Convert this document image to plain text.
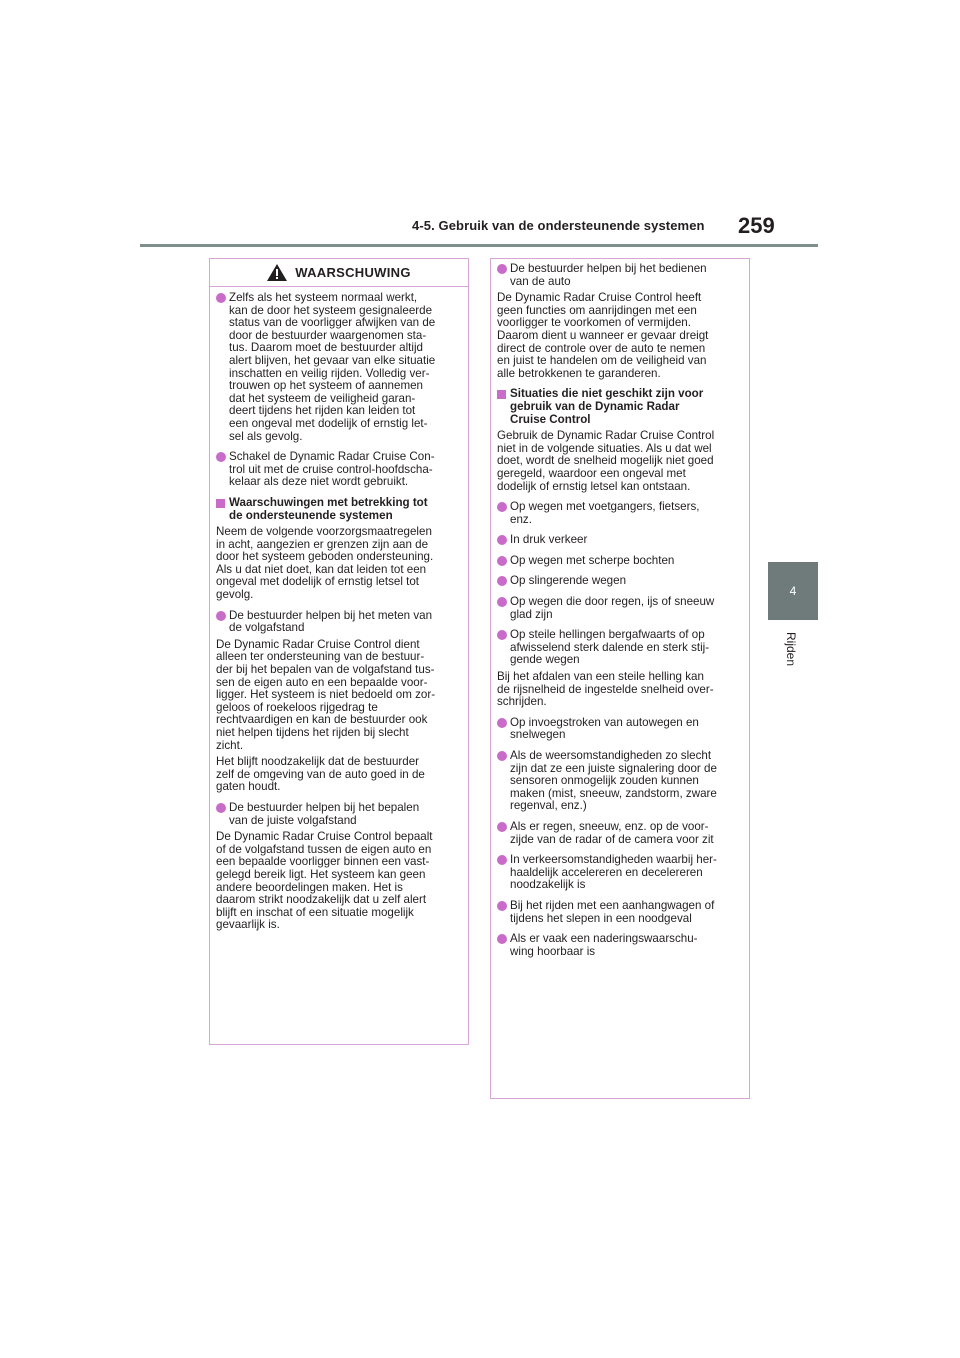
4-5. Gebruik van de ondersteunende systemen 259
4
Rijden
WAARSCHUWING
Zelfs als het systeem normaal werkt,
kan de door het systeem gesignaleerde
status van de voorligger afwijken van de
door de bestuurder waargenomen sta-
tus. Daarom moet de bestuurder altijd
alert blijven, het gevaar van elke situatie
inschatten en veilig rijden. Volledig ver-
trouwen op het systeem of aannemen
dat het systeem de veiligheid garan-
deert tijdens het rijden kan leiden tot
een ongeval met dodelijk of ernstig let-
sel als gevolg.
Schakel de Dynamic Radar Cruise Con-
trol uit met de cruise control-hoofdscha-
kelaar als deze niet wordt gebruikt.
Waarschuwingen met betrekking tot
de ondersteunende systemen
Neem de volgende voorzorgsmaatregelen
in acht, aangezien er grenzen zijn aan de
door het systeem geboden ondersteuning.
Als u dat niet doet, kan dat leiden tot een
ongeval met dodelijk of ernstig letsel tot
gevolg.
De bestuurder helpen bij het meten van
de volgafstand
De Dynamic Radar Cruise Control dient
alleen ter ondersteuning van de bestuur-
der bij het bepalen van de volgafstand tus-
sen de eigen auto en een bepaalde voor-
ligger. Het systeem is niet bedoeld om zor-
geloos of roekeloos rijgedrag te
rechtvaardigen en kan de bestuurder ook
niet helpen tijdens het rijden bij slecht
zicht.
Het blijft noodzakelijk dat de bestuurder
zelf de omgeving van de auto goed in de
gaten houdt.
De bestuurder helpen bij het bepalen
van de juiste volgafstand
De Dynamic Radar Cruise Control bepaalt
of de volgafstand tussen de eigen auto en
een bepaalde voorligger binnen een vast-
gelegd bereik ligt. Het systeem kan geen
andere beoordelingen maken. Het is
daarom strikt noodzakelijk dat u zelf alert
blijft en inschat of een situatie mogelijk
gevaarlijk is.
De bestuurder helpen bij het bedienen
van de auto
De Dynamic Radar Cruise Control heeft
geen functies om aanrijdingen met een
voorligger te voorkomen of vermijden.
Daarom dient u wanneer er gevaar dreigt
direct de controle over de auto te nemen
en juist te handelen om de veiligheid van
alle betrokkenen te garanderen.
Situaties die niet geschikt zijn voor
gebruik van de Dynamic Radar
Cruise Control
Gebruik de Dynamic Radar Cruise Control
niet in de volgende situaties. Als u dat wel
doet, wordt de snelheid mogelijk niet goed
geregeld, waardoor een ongeval met
dodelijk of ernstig letsel kan ontstaan.
Op wegen met voetgangers, fietsers,
enz.
In druk verkeer
Op wegen met scherpe bochten
Op slingerende wegen
Op wegen die door regen, ijs of sneeuw
glad zijn
Op steile hellingen bergafwaarts of op
afwisselend sterk dalende en sterk stij-
gende wegen
Bij het afdalen van een steile helling kan
de rijsnelheid de ingestelde snelheid over-
schrijden.
Op invoegstroken van autowegen en
snelwegen
Als de weersomstandigheden zo slecht
zijn dat ze een juiste signalering door de
sensoren onmogelijk zouden kunnen
maken (mist, sneeuw, zandstorm, zware
regenval, enz.)
Als er regen, sneeuw, enz. op de voor-
zijde van de radar of de camera voor zit
In verkeersomstandigheden waarbij her-
haaldelijk accelereren en decelereren
noodzakelijk is
Bij het rijden met een aanhangwagen of
tijdens het slepen in een noodgeval
Als er vaak een naderingswaarschu-
wing hoorbaar is
